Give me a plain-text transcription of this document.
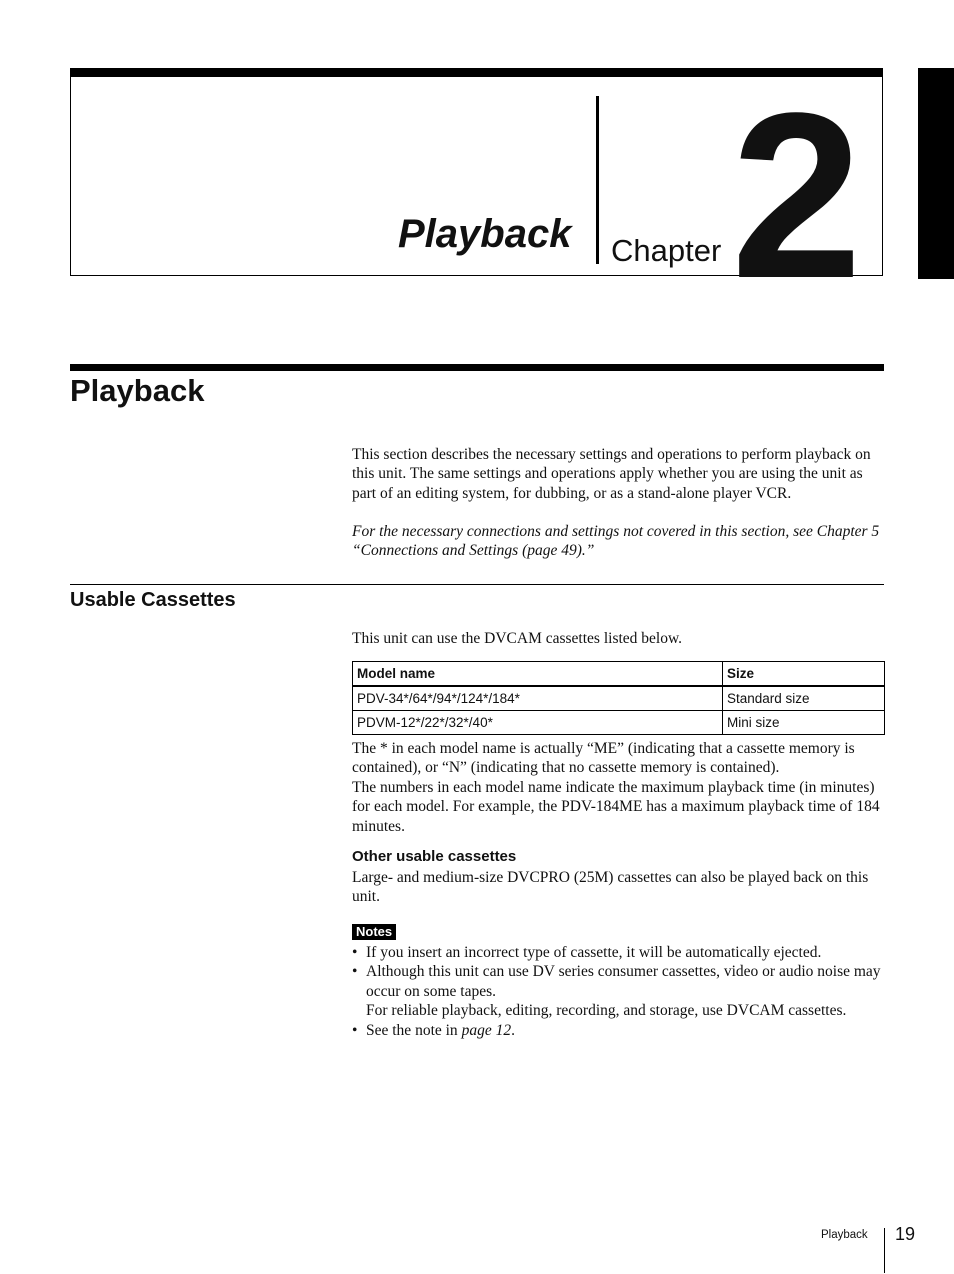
Playback Chapter 2
Playback

This section describes the necessary settings and operations to perform playback on this unit. The same settings and operations apply whether you are using the unit as part of an editing system, for dubbing, or as a stand-alone player VCR.

For the necessary connections and settings not covered in this section, see Chapter 5 “Connections and Settings (page 49).”

Usable Cassettes

This unit can use the DVCAM cassettes listed below.

Model name	Size
PDV-34*/64*/94*/124*/184*	Standard size
PDVM-12*/22*/32*/40*	Mini size

The * in each model name is actually “ME” (indicating that a cassette memory is contained), or “N” (indicating that no cassette memory is contained).

The numbers in each model name indicate the maximum playback time (in minutes) for each model. For example, the PDV-184ME has a maximum playback time of 184 minutes.

Other usable cassettes

Large- and medium-size DVCPRO (25M) cassettes can also be played back on this unit.

Notes
• If you insert an incorrect type of cassette, it will be automatically ejected.
• Although this unit can use DV series consumer cassettes, video or audio noise may occur on some tapes.
For reliable playback, editing, recording, and storage, use DVCAM cassettes.
• See the note in page 12.
Playback 19
